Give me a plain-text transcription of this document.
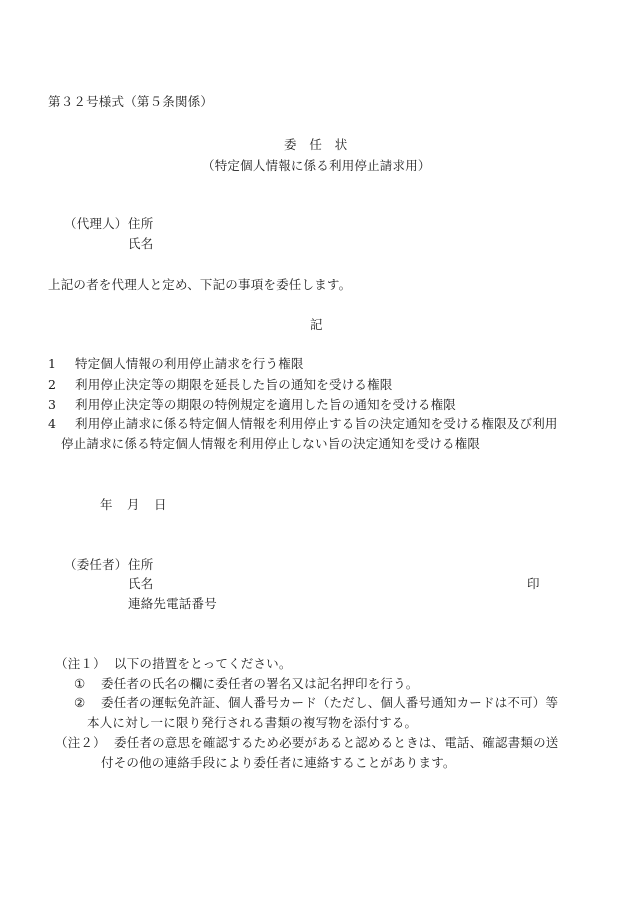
第３２号様式（第５条関係）
委　任　状
（特定個人情報に係る利用停止請求用）
（代理人） 住所
氏名
上記の者を代理人と定め、下記の事項を委任します。
記
1 特定個人情報の利用停止請求を行う権限
2 利用停止決定等の期限を延長した旨の通知を受ける権限
3 利用停止決定等の期限の特例規定を適用した旨の通知を受ける権限
4 利用停止請求に係る特定個人情報を利用停止する旨の決定通知を受ける権限及び利用
停止請求に係る特定個人情報を利用停止しない旨の決定通知を受ける権限
年 月 日
（委任者） 住所
氏名	印
連絡先電話番号
（注１） 以下の措置をとってください。
① 委任者の氏名の欄に委任者の署名又は記名押印を行う。
② 委任者の運転免許証、個人番号カード（ただし、個人番号通知カードは不可）等
本人に対し一に限り発行される書類の複写物を添付する。
（注２） 委任者の意思を確認するため必要があると認めるときは、電話、確認書類の送
付その他の連絡手段により委任者に連絡することがあります。
